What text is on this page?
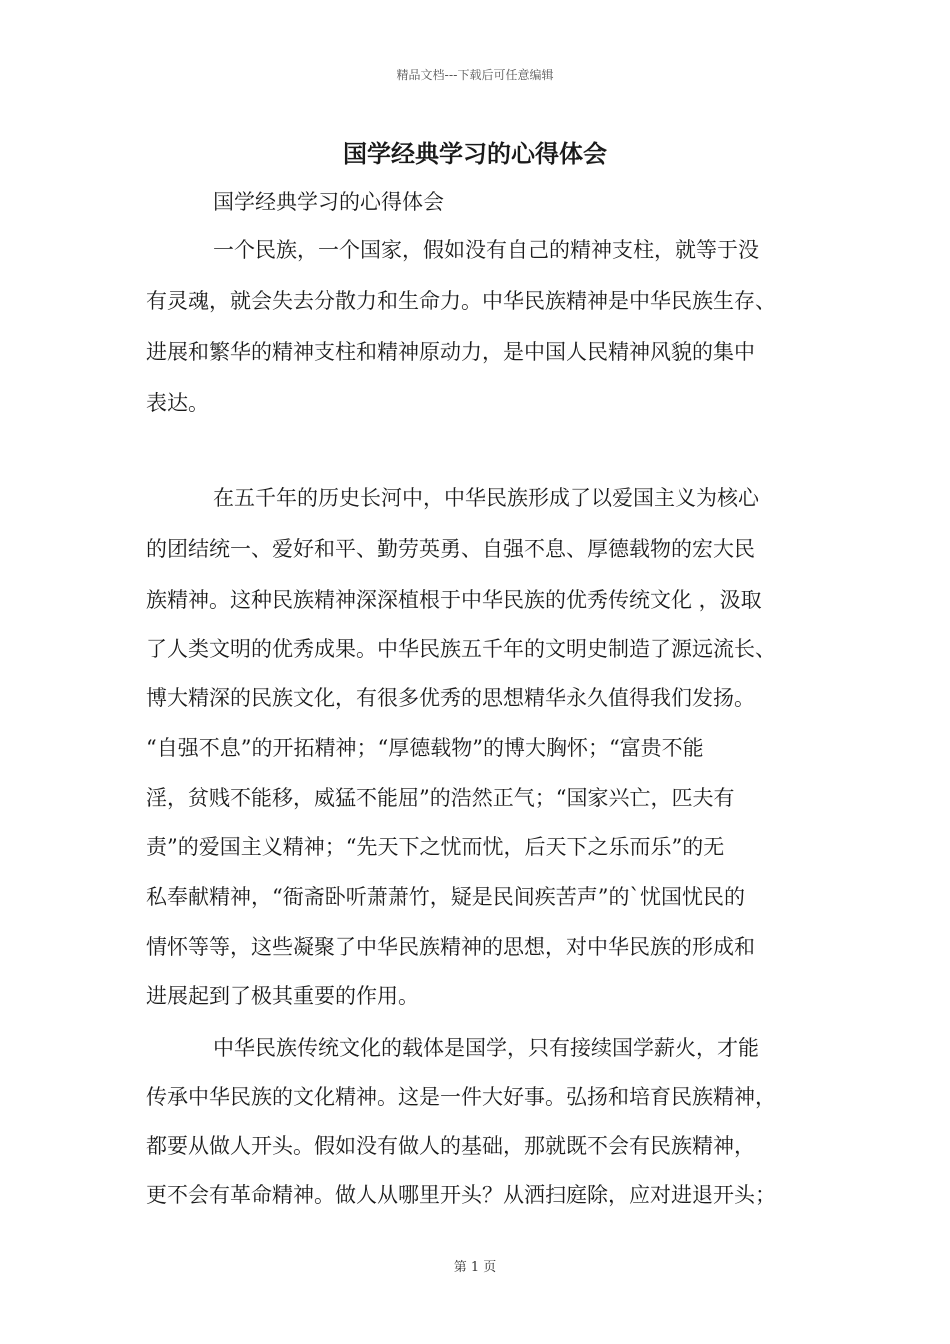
精品文档---下载后可任意编辑
国学经典学习的心得体会
国学经典学习的心得体会
一个民族，一个国家，假如没有自己的精神支柱，就等于没
有灵魂，就会失去分散力和生命力。中华民族精神是中华民族生存、
进展和繁华的精神支柱和精神原动力，是中国人民精神风貌的集中
表达。
在五千年的历史长河中，中华民族形成了以爱国主义为核心
的团结统一、爱好和平、勤劳英勇、自强不息、厚德载物的宏大民
族精神。这种民族精神深深植根于中华民族的优秀传统文化 ，汲取
了人类文明的优秀成果。中华民族五千年的文明史制造了源远流长、
博大精深的民族文化，有很多优秀的思想精华永久值得我们发扬。
“自强不息”的开拓精神；“厚德载物”的博大胸怀；“富贵不能
淫，贫贱不能移，威猛不能屈”的浩然正气；“国家兴亡，匹夫有
责”的爱国主义精神；“先天下之忧而忧，后天下之乐而乐”的无
私奉献精神，“衙斋卧听萧萧竹，疑是民间疾苦声”的`忧国忧民的
情怀等等，这些凝聚了中华民族精神的思想，对中华民族的形成和
进展起到了极其重要的作用。
中华民族传统文化的载体是国学，只有接续国学薪火，才能
传承中华民族的文化精神。这是一件大好事。弘扬和培育民族精神，
都要从做人开头。假如没有做人的基础，那就既不会有民族精神，
更不会有革命精神。做人从哪里开头？从洒扫庭除，应对进退开头；
第 1 页
